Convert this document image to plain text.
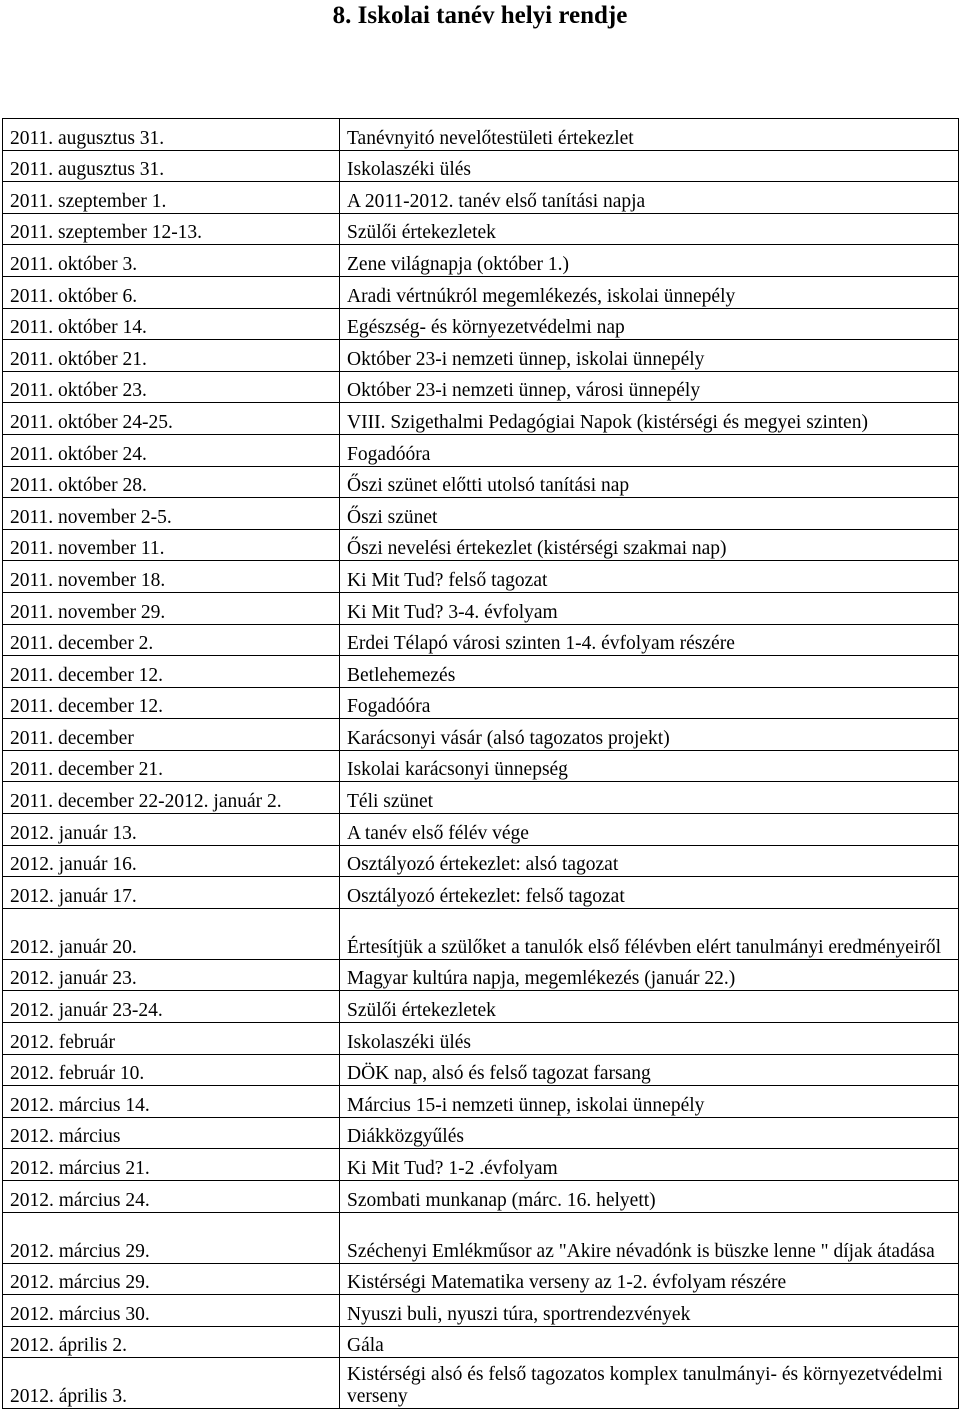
8. Iskolai tanév helyi rendje
2011. augusztus 31.	Tanévnyitó nevelőtestületi értekezlet
2011. augusztus 31.	Iskolaszéki ülés
2011. szeptember 1.	A 2011-2012. tanév első tanítási napja
2011. szeptember 12-13.	Szülői értekezletek
2011. október 3.	Zene világnapja (október 1.)
2011. október 6.	Aradi vértnúkról megemlékezés, iskolai ünnepély
2011. október 14.	Egészség- és környezetvédelmi nap
2011. október 21.	Október 23-i nemzeti ünnep, iskolai ünnepély
2011. október 23.	Október 23-i nemzeti ünnep, városi ünnepély
2011. október 24-25.	VIII. Szigethalmi Pedagógiai Napok (kistérségi és megyei szinten)
2011. október 24.	Fogadóóra
2011. október 28.	Őszi szünet előtti utolsó tanítási nap
2011. november 2-5.	Őszi szünet
2011. november 11.	Őszi nevelési értekezlet (kistérségi szakmai nap)
2011. november 18.	Ki Mit Tud? felső tagozat
2011. november 29.	Ki Mit Tud? 3-4. évfolyam
2011. december 2.	Erdei Télapó városi szinten 1-4. évfolyam részére
2011. december 12.	Betlehemezés
2011. december 12.	Fogadóóra
2011. december	Karácsonyi vásár (alsó tagozatos projekt)
2011. december 21.	Iskolai karácsonyi ünnepség
2011. december 22-2012. január 2.	Téli szünet
2012. január 13.	A tanév első félév vége
2012. január 16.	Osztályozó értekezlet: alsó tagozat
2012. január 17.	Osztályozó értekezlet: felső tagozat
2012. január 20.	Értesítjük a szülőket a tanulók első félévben elért tanulmányi eredményeiről
2012. január 23.	Magyar kultúra napja, megemlékezés (január 22.)
2012. január 23-24.	Szülői értekezletek
2012. február	Iskolaszéki ülés
2012. február 10.	DÖK nap, alsó és felső tagozat farsang
2012. március 14.	Március 15-i nemzeti ünnep, iskolai ünnepély
2012. március	Diákközgyűlés
2012. március 21.	Ki Mit Tud? 1-2 .évfolyam
2012. március 24.	Szombati munkanap (márc. 16. helyett)
2012. március 29.	Széchenyi Emlékműsor az "Akire névadónk is büszke lenne " díjak átadása
2012. március 29.	Kistérségi Matematika verseny az 1-2. évfolyam részére
2012. március 30.	Nyuszi buli, nyuszi túra, sportrendezvények
2012. április 2.	Gála
2012. április 3.	Kistérségi alsó és felső tagozatos komplex tanulmányi- és környezetvédelmi verseny
